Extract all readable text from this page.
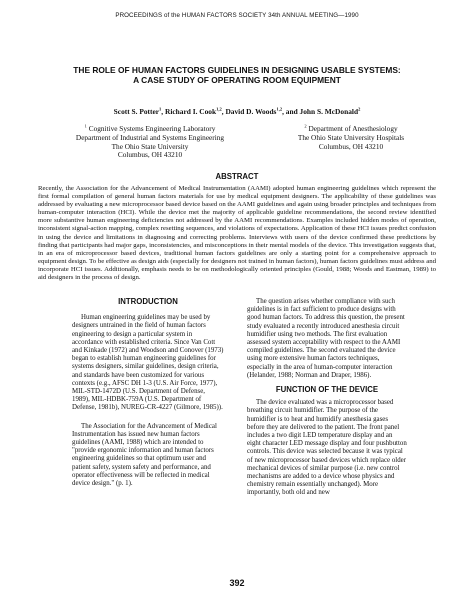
PROCEEDINGS of the HUMAN FACTORS SOCIETY 34th ANNUAL MEETING—1990
THE ROLE OF HUMAN FACTORS GUIDELINES IN DESIGNING USABLE SYSTEMS:
A CASE STUDY OF OPERATING ROOM EQUIPMENT
Scott S. Potter$^1$, Richard I. Cook$^{1,2}$, David D. Woods$^{1,2}$, and John S. McDonald$^2$
$^1$ Cognitive Systems Engineering Laboratory
Department of Industrial and Systems Engineering
The Ohio State University
Columbus, OH 43210
$^2$ Department of Anesthesiology
The Ohio State University Hospitals
Columbus, OH 43210
ABSTRACT
Recently, the Association for the Advancement of Medical Instrumentation (AAMI) adopted human engineering guidelines which represent the first formal compilation of general human factors materials for use by medical equipment designers. The applicability of these guidelines was addressed by evaluating a new microprocessor based device based on the AAMI guidelines and again using broader principles and techniques from human-computer interaction (HCI). While the device met the majority of applicable guideline recommendations, the second review identified more substantive human engineering deficiencies not addressed by the AAMI recommendations. Examples included hidden modes of operation, inconsistent signal-action mapping, complex resetting sequences, and violations of expectations. Application of these HCI issues predict confusion in using the device and limitations in diagnosing and correcting problems. Interviews with users of the device confirmed these predictions by finding that participants had major gaps, inconsistencies, and misconceptions in their mental models of the device. This investigation suggests that, in an era of microprocessor based devices, traditional human factors guidelines are only a starting point for a comprehensive approach to equipment design. To be effective as design aids (especially for designers not trained in human factors), human factors guidelines must address and incorporate HCI issues. Additionally, emphasis needs to be on methodologically oriented principles (Gould, 1988; Woods and Eastman, 1989) to aid designers in the process of design.
INTRODUCTION

Human engineering guidelines may be used by designers untrained in the field of human factors engineering to design a particular system in accordance with established criteria. Since Van Cott and Kinkade (1972) and Woodson and Conover (1973) began to establish human engineering guidelines for systems designers, similar guidelines, design criteria, and standards have been customized for various contexts (e.g., AFSC DH 1-3 (U.S. Air Force, 1977), MIL-STD-1472D (U.S. Department of Defense, 1989), MIL-HDBK-759A (U.S. Department of Defense, 1981b), NUREG-CR-4227 (Gilmore, 1985)).

The Association for the Advancement of Medical Instrumentation has issued new human factors guidelines (AAMI, 1988) which are intended to "provide ergonomic information and human factors engineering guidelines so that optimum user and patient safety, system safety and performance, and operator effectiveness will be reflected in medical device design." (p. 1).

The question arises whether compliance with such guidelines is in fact sufficient to produce designs with good human factors. To address this question, the present study evaluated a recently introduced anesthesia circuit humidifier using two methods. The first evaluation assessed system acceptability with respect to the AAMI compiled guidelines. The second evaluated the device using more extensive human factors techniques, especially in the area of human-computer interaction (Helander, 1988; Norman and Draper, 1986).

FUNCTION OF THE DEVICE

The device evaluated was a microprocessor based breathing circuit humidifier. The purpose of the humidifier is to heat and humidify anesthesia gases before they are delivered to the patient. The front panel includes a two digit LED temperature display and an eight character LED message display and four pushbutton controls. This device was selected because it was typical of new microprocessor based devices which replace older mechanical devices of similar purpose (i.e. new control mechanisms are added to a device whose physics and chemistry remain essentially unchanged). More importantly, both old and new

392
